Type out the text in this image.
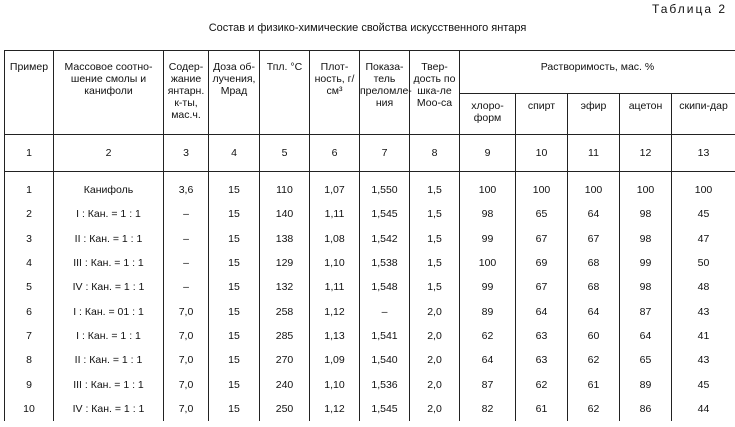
Таблица 2
Состав и физико-химические свойства искусственного янтаря
Пример	Массовое соотно-шение смолы и канифоли	Содер-жание янтарн. к-ты, мас.ч.	Доза об-лучения, Мрад	Тпл. °С	Плот-ность, г/см³	Показа-тель преломле-ния	Твер-дость по шка-ле Моо-са	Растворимость, мас. %				
								хлоро-форм	спирт	эфир	ацетон	скипи-дар
1	2	3	4	5	6	7	8	9	10	11	12	13
1	Канифоль	3,6	15	110	1,07	1,550	1,5	100	100	100	100	100
2	I : Кан. = 1 : 1	–	15	140	1,11	1,545	1,5	98	65	64	98	45
3	II : Кан. = 1 : 1	–	15	138	1,08	1,542	1,5	99	67	67	98	47
4	III : Кан. = 1 : 1	–	15	129	1,10	1,538	1,5	100	69	68	99	50
5	IV : Кан. = 1 : 1	–	15	132	1,11	1,548	1,5	99	67	68	98	48
6	I : Кан. = 01 : 1	7,0	15	258	1,12	–	2,0	89	64	64	87	43
7	I : Кан. = 1 : 1	7,0	15	285	1,13	1,541	2,0	62	63	60	64	41
8	II : Кан. = 1 : 1	7,0	15	270	1,09	1,540	2,0	64	63	62	65	43
9	III : Кан. = 1 : 1	7,0	15	240	1,10	1,536	2,0	87	62	61	89	45
10	IV : Кан. = 1 : 1	7,0	15	250	1,12	1,545	2,0	82	61	62	86	44
